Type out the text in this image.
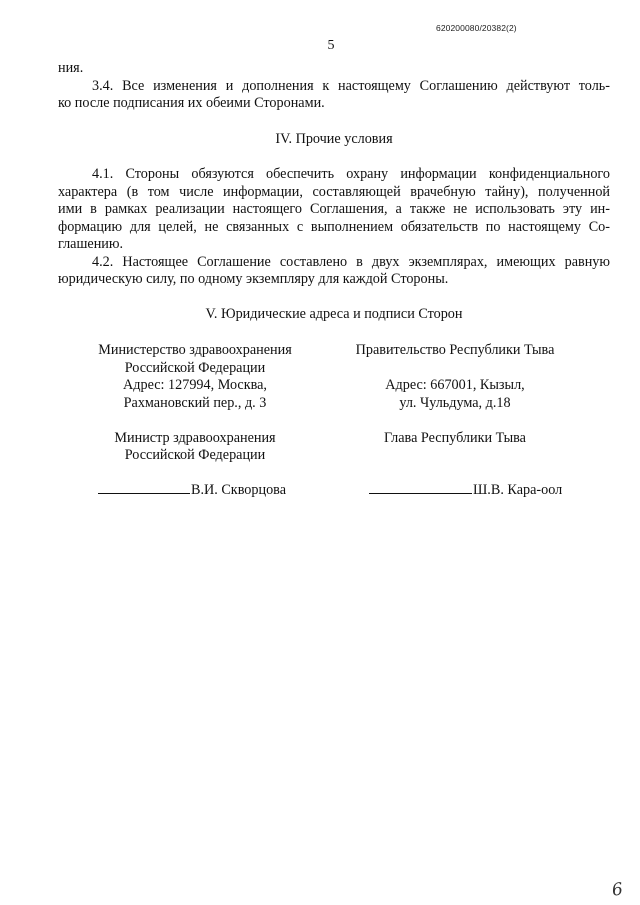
620200080/20382(2)
5
ния.
3.4. Все изменения и дополнения к настоящему Соглашению действуют толь-
ко после подписания их обеими Сторонами.
IV. Прочие условия
4.1. Стороны обязуются обеспечить охрану информации конфиденциального
характера (в том числе информации, составляющей врачебную тайну), полученной
ими в рамках реализации настоящего Соглашения, а также не использовать эту ин-
формацию для целей, не связанных с выполнением обязательств по настоящему Со-
глашению.
4.2. Настоящее Соглашение составлено в двух экземплярах, имеющих равную
юридическую силу, по одному экземпляру для каждой Стороны.
V. Юридические адреса и подписи Сторон
Министерство здравоохранения
Российской Федерации
Адрес: 127994, Москва,
Рахмановский пер., д. 3
Министр здравоохранения
Российской Федерации
Правительство Республики Тыва
Адрес: 667001, Кызыл,
ул. Чульдума, д.18
Глава Республики Тыва
В.И. Скворцова	Ш.В. Кара-оол
6
